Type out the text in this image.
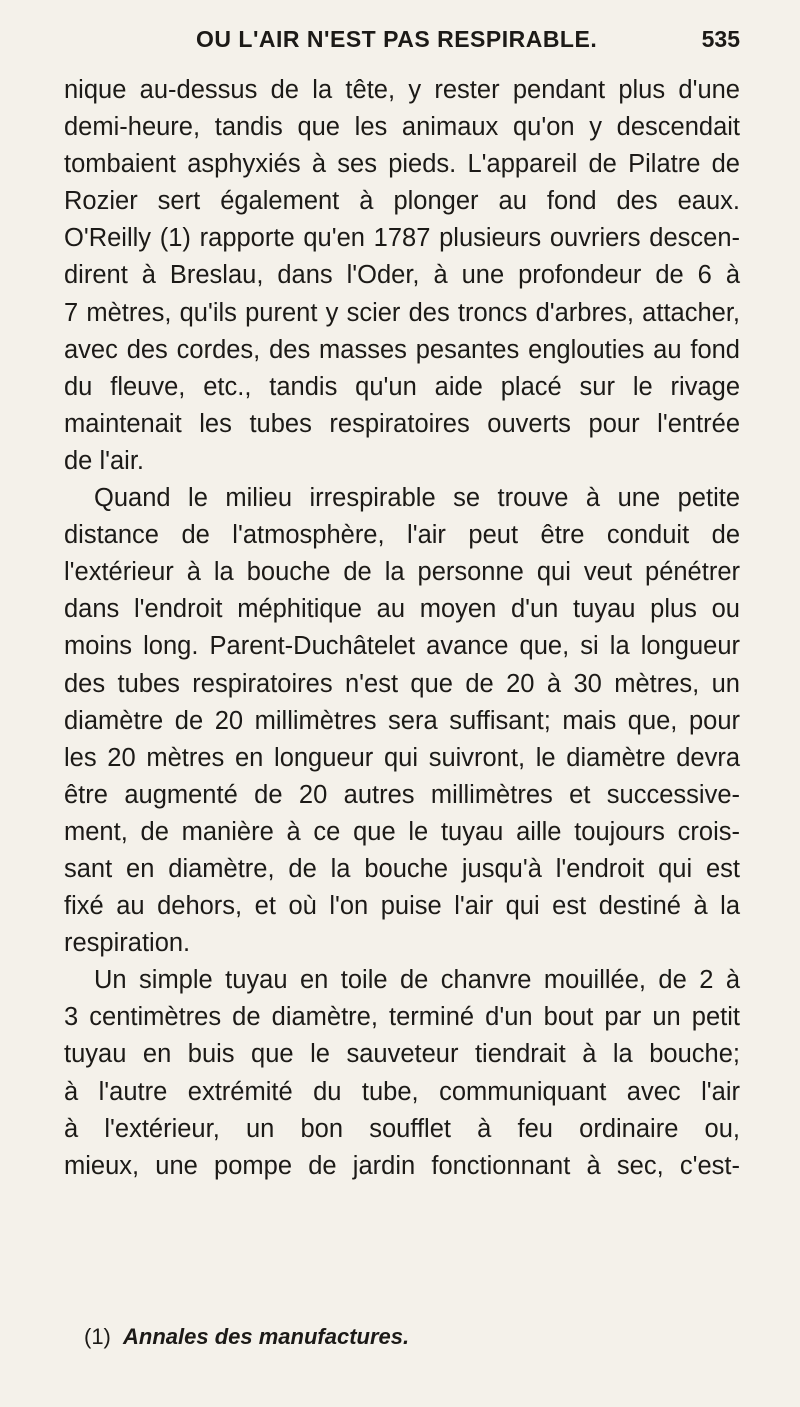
OU L'AIR N'EST PAS RESPIRABLE.	535
nique au-dessus de la tête, y rester pendant plus d'une
demi-heure, tandis que les animaux qu'on y descendait
tombaient asphyxiés à ses pieds. L'appareil de Pilatre de
Rozier sert également à plonger au fond des eaux.
O'Reilly (1) rapporte qu'en 1787 plusieurs ouvriers descen-
dirent à Breslau, dans l'Oder, à une profondeur de 6 à
7 mètres, qu'ils purent y scier des troncs d'arbres, attacher,
avec des cordes, des masses pesantes englouties au fond
du fleuve, etc., tandis qu'un aide placé sur le rivage
maintenait les tubes respiratoires ouverts pour l'entrée
de l'air.
Quand le milieu irrespirable se trouve à une petite
distance de l'atmosphère, l'air peut être conduit de
l'extérieur à la bouche de la personne qui veut pénétrer
dans l'endroit méphitique au moyen d'un tuyau plus ou
moins long. Parent-Duchâtelet avance que, si la longueur
des tubes respiratoires n'est que de 20 à 30 mètres, un
diamètre de 20 millimètres sera suffisant; mais que, pour
les 20 mètres en longueur qui suivront, le diamètre devra
être augmenté de 20 autres millimètres et successive-
ment, de manière à ce que le tuyau aille toujours crois-
sant en diamètre, de la bouche jusqu'à l'endroit qui est
fixé au dehors, et où l'on puise l'air qui est destiné à la
respiration.
Un simple tuyau en toile de chanvre mouillée, de 2 à
3 centimètres de diamètre, terminé d'un bout par un petit
tuyau en buis que le sauveteur tiendrait à la bouche;
à l'autre extrémité du tube, communiquant avec l'air
à l'extérieur, un bon soufflet à feu ordinaire ou,
mieux, une pompe de jardin fonctionnant à sec, c'est-
(1) Annales des manufactures.
